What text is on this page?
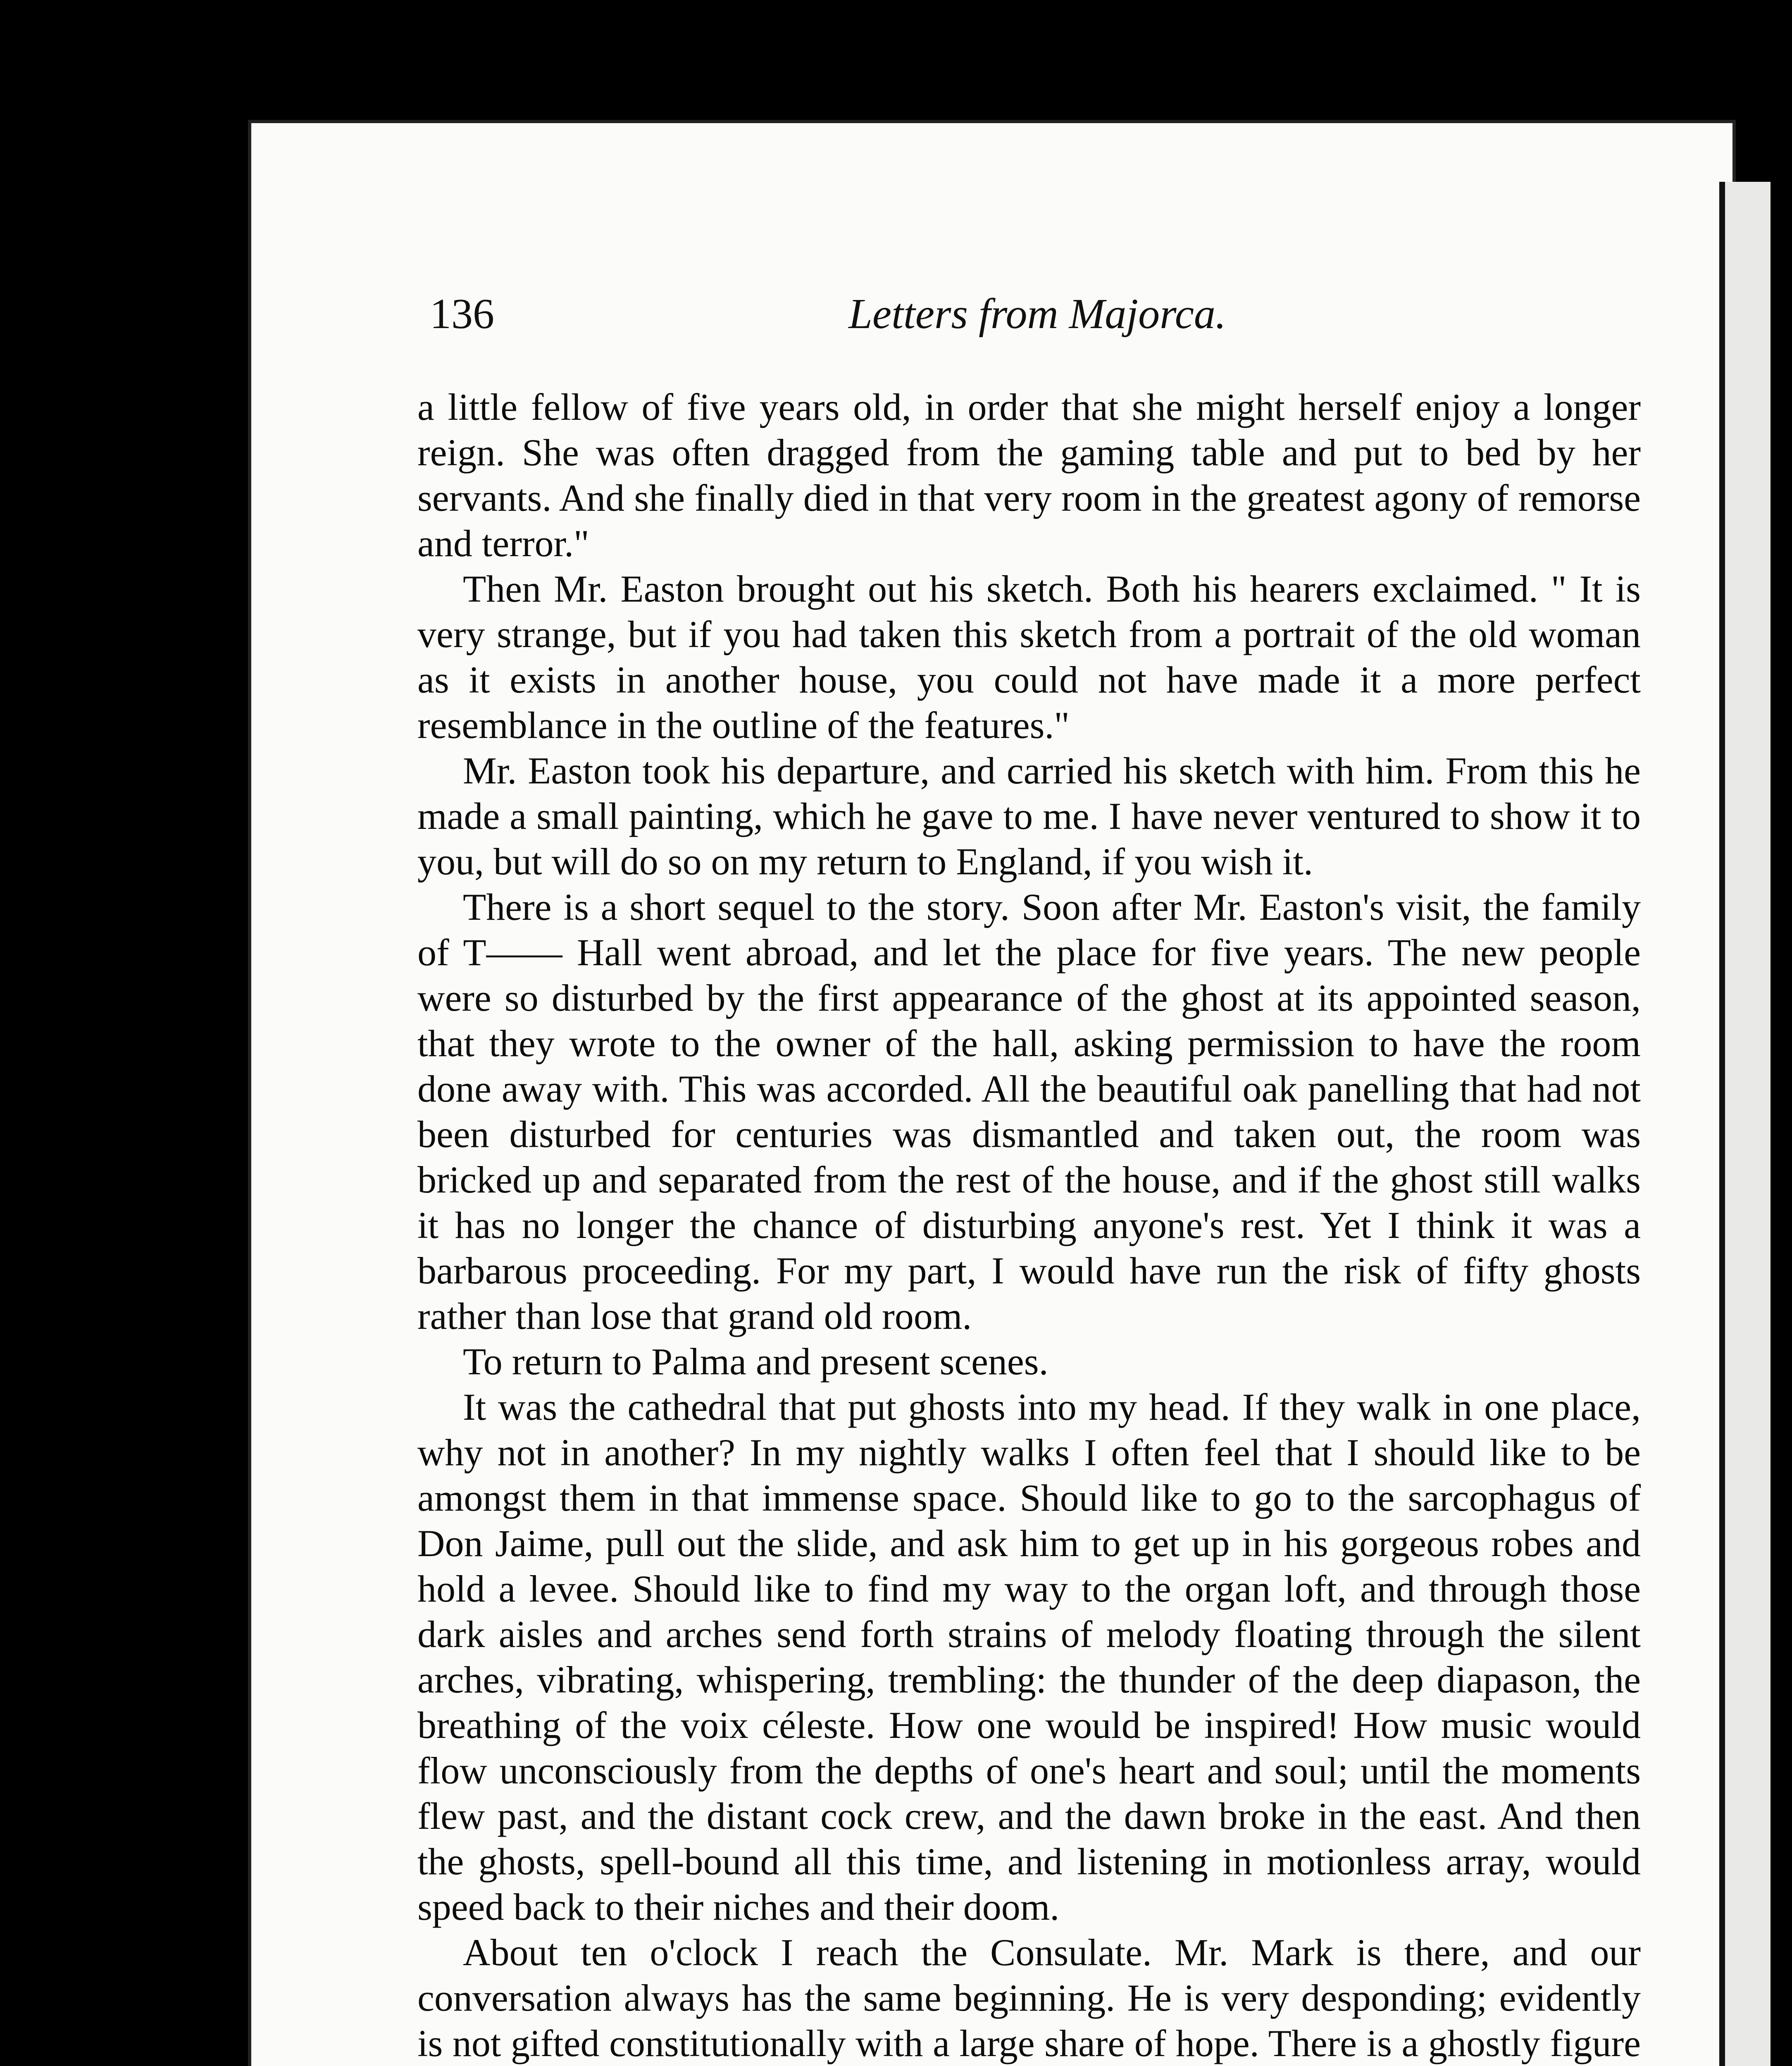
136	Letters from Majorca.

a little fellow of five years old, in order that she might herself enjoy a longer reign. She was often dragged from the gaming table and put to bed by her servants. And she finally died in that very room in the greatest agony of remorse and terror."

Then Mr. Easton brought out his sketch. Both his hearers exclaimed. " It is very strange, but if you had taken this sketch from a portrait of the old woman as it exists in another house, you could not have made it a more perfect resemblance in the outline of the features."

Mr. Easton took his departure, and carried his sketch with him. From this he made a small painting, which he gave to me. I have never ventured to show it to you, but will do so on my return to England, if you wish it.

There is a short sequel to the story. Soon after Mr. Easton's visit, the family of T—— Hall went abroad, and let the place for five years. The new people were so disturbed by the first appearance of the ghost at its appointed season, that they wrote to the owner of the hall, asking permission to have the room done away with. This was accorded. All the beautiful oak panelling that had not been disturbed for centuries was dismantled and taken out, the room was bricked up and separated from the rest of the house, and if the ghost still walks it has no longer the chance of disturbing anyone's rest. Yet I think it was a barbarous proceeding. For my part, I would have run the risk of fifty ghosts rather than lose that grand old room.

To return to Palma and present scenes.

It was the cathedral that put ghosts into my head. If they walk in one place, why not in another? In my nightly walks I often feel that I should like to be amongst them in that immense space. Should like to go to the sarcophagus of Don Jaime, pull out the slide, and ask him to get up in his gorgeous robes and hold a levee. Should like to find my way to the organ loft, and through those dark aisles and arches send forth strains of melody floating through the silent arches, vibrating, whispering, trembling: the thunder of the deep diapason, the breathing of the voix céleste. How one would be inspired! How music would flow unconsciously from the depths of one's heart and soul; until the moments flew past, and the distant cock crew, and the dawn broke in the east. And then the ghosts, spell-bound all this time, and listening in motionless array, would speed back to their niches and their doom.

About ten o'clock I reach the Consulate. Mr. Mark is there, and our conversation always has the same beginning. He is very desponding; evidently is not gifted constitutionally with a large share of hope. There is a ghostly figure
